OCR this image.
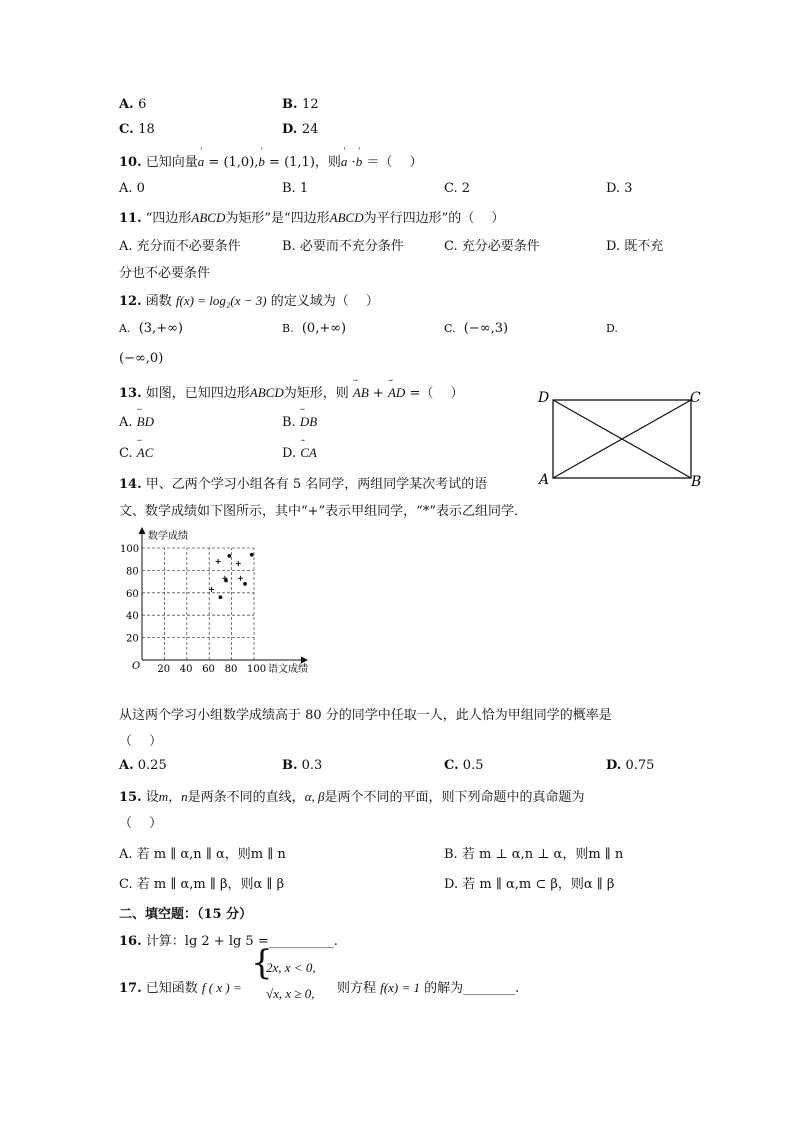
A. 6	B. 12
C. 18	D. 24
10. 已知向量' a = (1,0),' b = (1,1)，则' a ·' b ＝（　 ）
A. 0	B. 1	C. 2	D. 3
11. “四边形ABCD为矩形”是“四边形ABCD为平行四边形”的（　 ）
A. 充分而不必要条件	B. 必要而不充分条件	C. 充分必要条件	D. 既不充
分也不必要条件
12. 函数 f(x) = log₂(x − 3) 的定义域为（　 ）
A. (3,+∞)	B. (0,+∞)	C. (−∞,3)	D.
(−∞,0)
13. 如图，已知四边形ABCD为矩形，则 ᵕᵕᵕ AB + ᵕᵕᵕ AD =（　 ）
A. ᵕᵕᵕ BD	B. ᵕᵕᵕ DB
C. ᵕᵕᵕ AC	D. ᵕᵕᵕ CA
D	C
A	B
14. 甲、乙两个学习小组各有 5 名同学，两组同学某次考试的语
文、数学成绩如下图所示，其中“+”表示甲组同学，“*”表示乙组同学．
数学成绩
语文成绩
O 20 40 60 80 100
20
40
60
80
100
从这两个学习小组数学成绩高于 80 分的同学中任取一人，此人恰为甲组同学的概率是
（　 ）
A. 0.25	B. 0.3	C. 0.5	D. 0.75
15. 设m，n是两条不同的直线，α, β是两个不同的平面，则下列命题中的真命题为
（　 ）
A. 若 m ∥ α,n ∥ α，则m ∥ n	B. 若 m ⊥ α,n ⊥ α，则m ∥ n
C. 若 m ∥ α,m ∥ β，则α ∥ β	D. 若 m ∥ α,m ⊂ β，则α ∥ β
二、填空题：（15 分）
16. 计算：lg 2 + lg 5 =__________.
17. 已知函数 f ( x ) =
{
2x, x < 0,
√x, x ≥ 0, 则方程 f(x) = 1 的解为________.
